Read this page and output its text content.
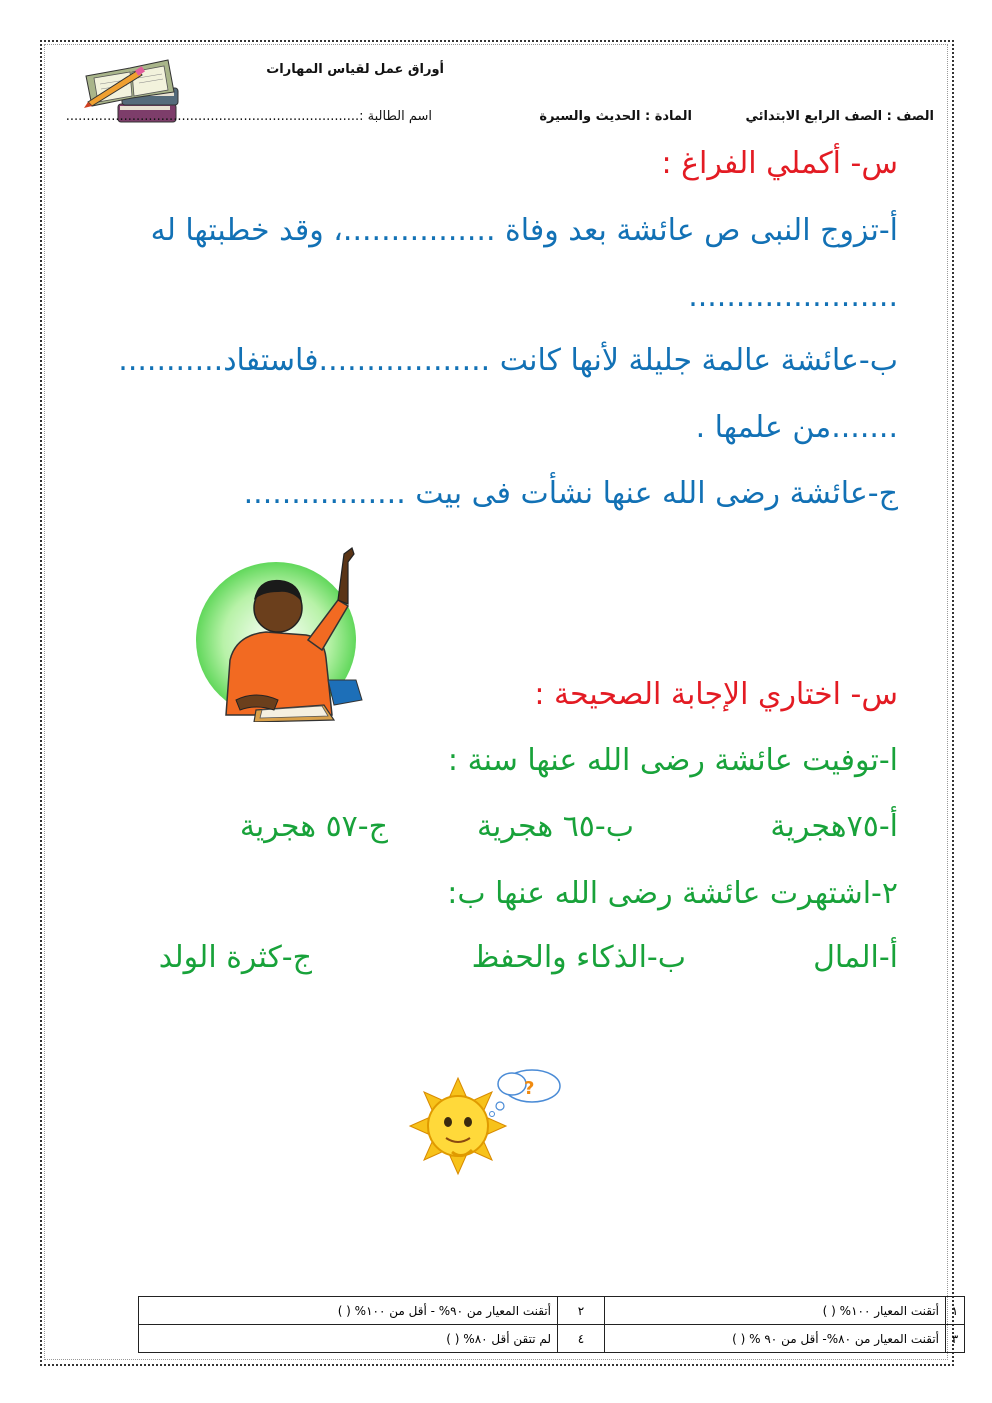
أوراق عمل لقياس المهارات
الصف : الصف الرابع الابتدائي
المادة : الحديث والسيرة
اسم الطالبة :.......................................................................
س- أكملي الفراغ :
أ-تزوج النبى ص عائشة بعد وفاة ................، وقد خطبتها له
......................
ب-عائشة عالمة جليلة لأنها كانت ..................فاستفاد...........
.......من علمها .
ج-عائشة رضى الله عنها نشأت فى بيت .................
س- اختاري الإجابة الصحيحة :
ا-توفيت عائشة رضى الله عنها سنة :
أ-٧٥هجرية
ب-٦٥ هجرية
ج-٥٧ هجرية
٢-اشتهرت عائشة رضى الله عنها ب:
أ-المال
ب-الذكاء والحفظ
ج-كثرة الولد
?
١	أتقنت المعيار ١٠٠% ( )	٢	أتقنت المعيار من ٩٠% - أقل من ١٠٠% ( )
٣	أتقنت المعيار من ٨٠%- أقل من ٩٠ % ( )	٤	لم تتقن أقل ٨٠% ( )
